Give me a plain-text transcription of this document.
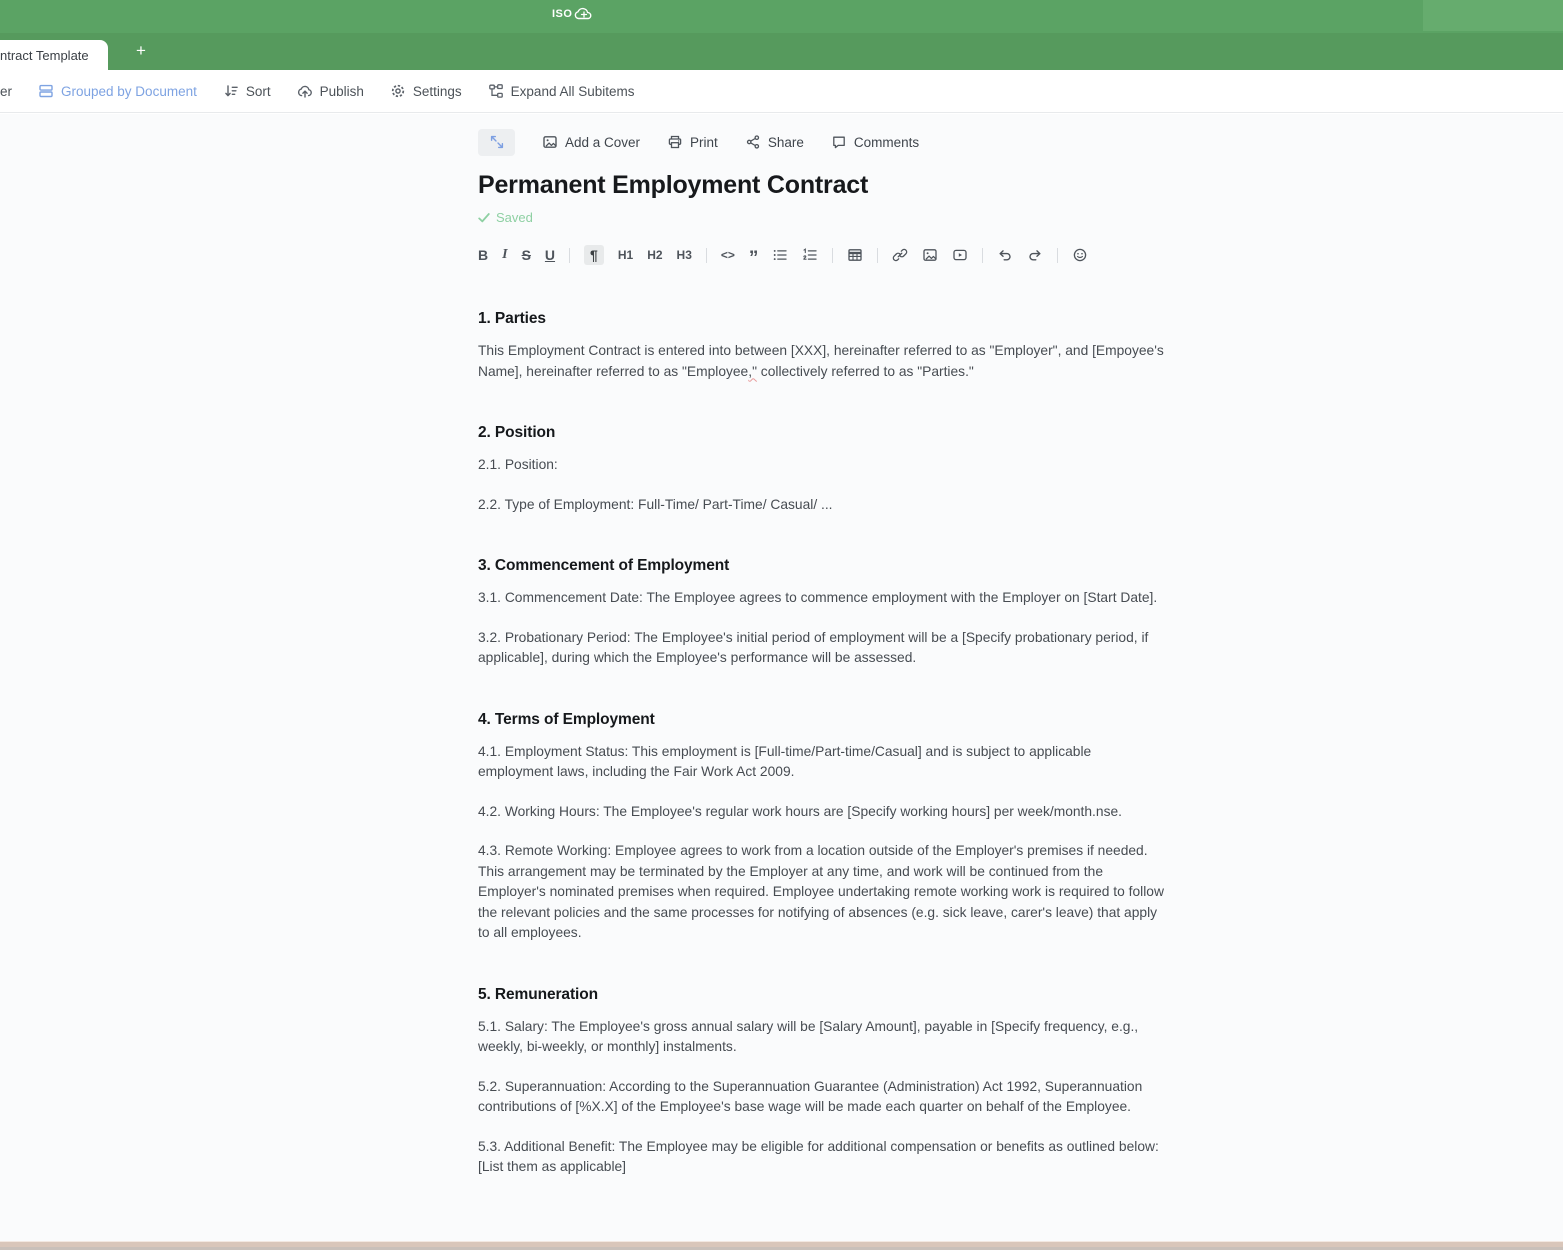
ISO
ntract Template	+
er	Grouped by Document	Sort	Publish	Settings	Expand All Subitems
Add a Cover	Print	Share	Comments
Permanent Employment Contract
Saved
B I S U	¶	H1 H2 H3 <> ”
1. Parties

This Employment Contract is entered into between [XXX], hereinafter referred to as "Employer", and [Empoyee's Name], hereinafter referred to as "Employee," collectively referred to as "Parties."

2. Position

2.1. Position:

2.2. Type of Employment: Full-Time/ Part-Time/ Casual/ ...

3. Commencement of Employment

3.1. Commencement Date: The Employee agrees to commence employment with the Employer on [Start Date].

3.2. Probationary Period: The Employee's initial period of employment will be a [Specify probationary period, if applicable], during which the Employee's performance will be assessed.

4. Terms of Employment

4.1. Employment Status: This employment is [Full-time/Part-time/Casual] and is subject to applicable employment laws, including the Fair Work Act 2009.

4.2. Working Hours: The Employee's regular work hours are [Specify working hours] per week/month.nse.

4.3. Remote Working: Employee agrees to work from a location outside of the Employer's premises if needed. This arrangement may be terminated by the Employer at any time, and work will be continued from the Employer's nominated premises when required. Employee undertaking remote working work is required to follow the relevant policies and the same processes for notifying of absences (e.g. sick leave, carer's leave) that apply to all employees.

5. Remuneration

5.1. Salary: The Employee's gross annual salary will be [Salary Amount], payable in [Specify frequency, e.g., weekly, bi-weekly, or monthly] instalments.

5.2. Superannuation: According to the Superannuation Guarantee (Administration) Act 1992, Superannuation contributions of [%X.X] of the Employee's base wage will be made each quarter on behalf of the Employee.

5.3. Additional Benefit: The Employee may be eligible for additional compensation or benefits as outlined below:

[List them as applicable]
